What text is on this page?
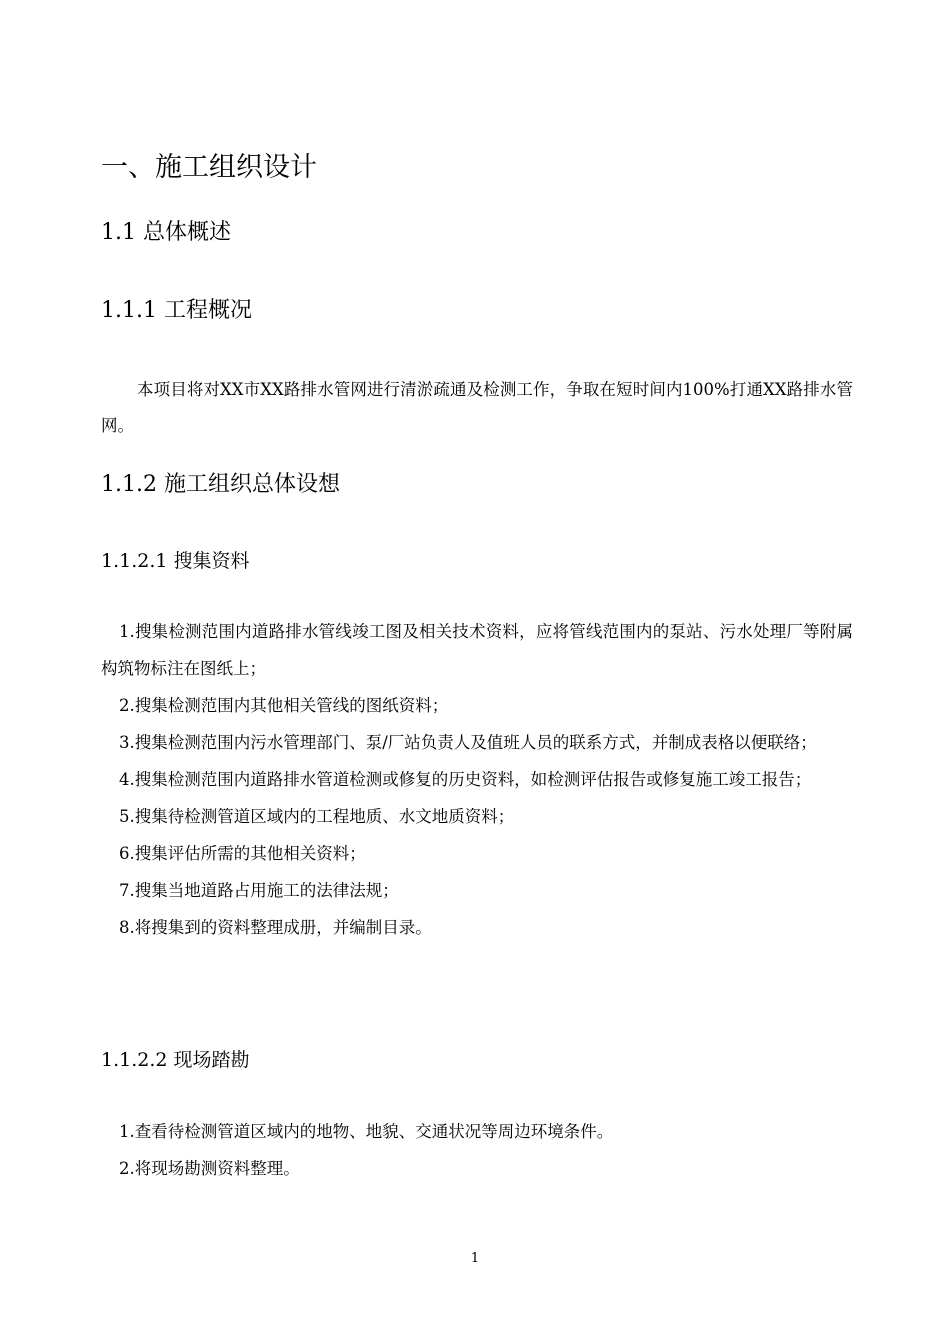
一、施工组织设计
1.1 总体概述
1.1.1 工程概况

本项目将对XX市XX路排水管网进行清淤疏通及检测工作，争取在短时间内100%打通XX路排水管网。

1.1.2 施工组织总体设想
1.1.2.1 搜集资料
1.搜集检测范围内道路排水管线竣工图及相关技术资料，应将管线范围内的泵站、污水处理厂等附属构筑物标注在图纸上；
2.搜集检测范围内其他相关管线的图纸资料；
3.搜集检测范围内污水管理部门、泵/厂站负责人及值班人员的联系方式，并制成表格以便联络；
4.搜集检测范围内道路排水管道检测或修复的历史资料，如检测评估报告或修复施工竣工报告；
5.搜集待检测管道区域内的工程地质、水文地质资料；
6.搜集评估所需的其他相关资料；
7.搜集当地道路占用施工的法律法规；
8.将搜集到的资料整理成册，并编制目录。
1.1.2.2 现场踏勘
1.查看待检测管道区域内的地物、地貌、交通状况等周边环境条件。
2.将现场勘测资料整理。
1
